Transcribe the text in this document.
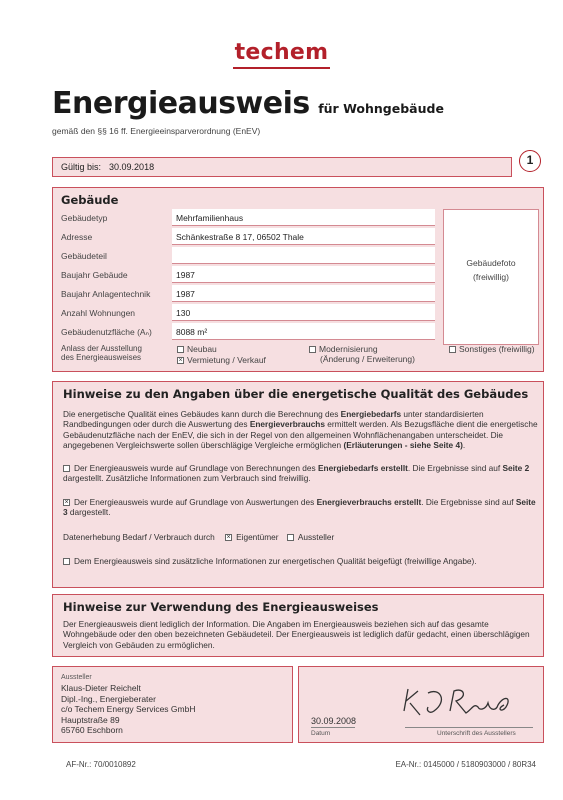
techem
Energieausweis für Wohngebäude
gemäß den §§ 16 ff. Energieeinsparverordnung (EnEV)
Gültig bis: 30.09.2018	1
Gebäude
Gebäudetyp	Mehrfamilienhaus
Adresse	Schänkestraße 8 17, 06502 Thale
Gebäudeteil
Baujahr Gebäude	1987
Baujahr Anlagentechnik	1987
Anzahl Wohnungen	130
Gebäudenutzfläche (Aₙ)	8088 m²
Gebäudefoto
(freiwillig)
Anlass der Ausstellung
des Energieausweises
Neubau
× Vermietung / Verkauf
Modernisierung
(Änderung / Erweiterung)
Sonstiges (freiwillig)
Hinweise zu den Angaben über die energetische Qualität des Gebäudes
Die energetische Qualität eines Gebäudes kann durch die Berechnung des Energiebedarfs unter standardisierten Randbedingungen oder durch die Auswertung des Energieverbrauchs ermittelt werden. Als Bezugsfläche dient die energetische Gebäudenutzfläche nach der EnEV, die sich in der Regel von den allgemeinen Wohnflächenangaben unterscheidet. Die angegebenen Vergleichswerte sollen überschlägige Vergleiche ermöglichen (Erläuterungen - siehe Seite 4).
Der Energieausweis wurde auf Grundlage von Berechnungen des Energiebedarfs erstellt. Die Ergebnisse sind auf Seite 2 dargestellt. Zusätzliche Informationen zum Verbrauch sind freiwillig.
× Der Energieausweis wurde auf Grundlage von Auswertungen des Energieverbrauchs erstellt. Die Ergebnisse sind auf Seite 3 dargestellt.
Datenerhebung Bedarf / Verbrauch durch × Eigentümer Aussteller
Dem Energieausweis sind zusätzliche Informationen zur energetischen Qualität beigefügt (freiwillige Angabe).
Hinweise zur Verwendung des Energieausweises
Der Energieausweis dient lediglich der Information. Die Angaben im Energieausweis beziehen sich auf das gesamte Wohngebäude oder den oben bezeichneten Gebäudeteil. Der Energieausweis ist lediglich dafür gedacht, einen überschlägigen Vergleich von Gebäuden zu ermöglichen.
Aussteller
Klaus-Dieter Reichelt
Dipl.-Ing., Energieberater
c/o Techem Energy Services GmbH
Hauptstraße 89
65760 Eschborn
30.09.2008
Datum	Unterschrift des Ausstellers
AF-Nr.: 70/0010892	EA-Nr.: 0145000 / 5180903000 / 80R34
